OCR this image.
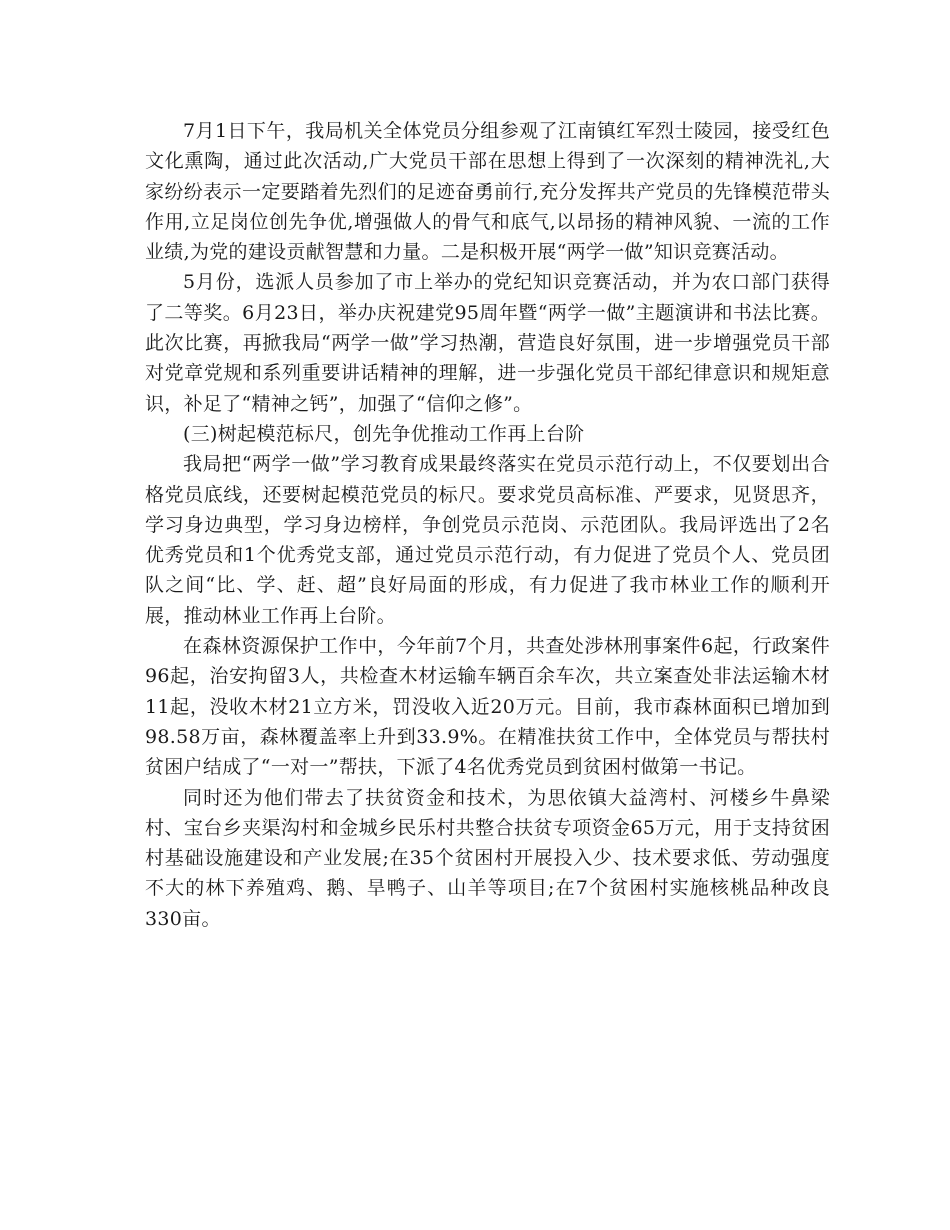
7月1日下午，我局机关全体党员分组参观了江南镇红军烈士陵园，接受红色文化熏陶，通过此次活动,广大党员干部在思想上得到了一次深刻的精神洗礼,大家纷纷表示一定要踏着先烈们的足迹奋勇前行,充分发挥共产党员的先锋模范带头作用,立足岗位创先争优,增强做人的骨气和底气,以昂扬的精神风貌、一流的工作业绩,为党的建设贡献智慧和力量。二是积极开展“两学一做”知识竞赛活动。

5月份，选派人员参加了市上举办的党纪知识竞赛活动，并为农口部门获得了二等奖。6月23日，举办庆祝建党95周年暨“两学一做”主题演讲和书法比赛。此次比赛，再掀我局“两学一做”学习热潮，营造良好氛围，进一步增强党员干部对党章党规和系列重要讲话精神的理解，进一步强化党员干部纪律意识和规矩意识，补足了“精神之钙”，加强了“信仰之修”。

(三)树起模范标尺，创先争优推动工作再上台阶

我局把“两学一做”学习教育成果最终落实在党员示范行动上，不仅要划出合格党员底线，还要树起模范党员的标尺。要求党员高标准、严要求，见贤思齐，学习身边典型，学习身边榜样，争创党员示范岗、示范团队。我局评选出了2名优秀党员和1个优秀党支部，通过党员示范行动，有力促进了党员个人、党员团队之间“比、学、赶、超”良好局面的形成，有力促进了我市林业工作的顺利开展，推动林业工作再上台阶。

在森林资源保护工作中，今年前7个月，共查处涉林刑事案件6起，行政案件96起，治安拘留3人，共检查木材运输车辆百余车次，共立案查处非法运输木材11起，没收木材21立方米，罚没收入近20万元。目前，我市森林面积已增加到98.58万亩，森林覆盖率上升到33.9%。在精准扶贫工作中，全体党员与帮扶村贫困户结成了“一对一”帮扶，下派了4名优秀党员到贫困村做第一书记。

同时还为他们带去了扶贫资金和技术，为思依镇大益湾村、河楼乡牛鼻梁村、宝台乡夹渠沟村和金城乡民乐村共整合扶贫专项资金65万元，用于支持贫困村基础设施建设和产业发展;在35个贫困村开展投入少、技术要求低、劳动强度不大的林下养殖鸡、鹅、旱鸭子、山羊等项目;在7个贫困村实施核桃品种改良330亩。
